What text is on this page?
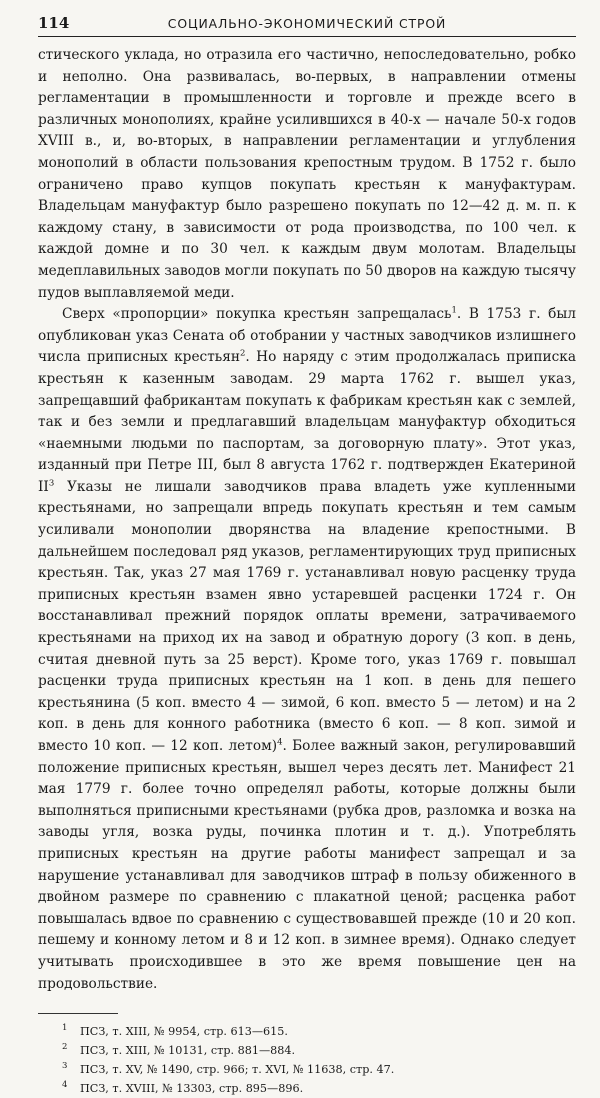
114	СОЦИАЛЬНО-ЭКОНОМИЧЕСКИЙ СТРОЙ

стического уклада, но отразила его частично, непоследовательно, робко и неполно. Она развивалась, во-первых, в направлении отмены регламентации в промышленности и торговле и прежде всего в различных монополиях, крайне усилившихся в 40-х — начале 50-х годов XVIII в., и, во-вторых, в направлении регламентации и углубления монополий в области пользования крепостным трудом. В 1752 г. было ограничено право купцов покупать крестьян к мануфактурам. Владельцам мануфактур было разрешено покупать по 12—42 д. м. п. к каждому стану, в зависимости от рода производства, по 100 чел. к каждой домне и по 30 чел. к каждым двум молотам. Владельцы медеплавильных заводов могли покупать по 50 дворов на каждую тысячу пудов выплавляемой меди.

Сверх «пропорции» покупка крестьян запрещалась$^1$. В 1753 г. был опубликован указ Сената об отобрании у частных заводчиков излишнего числа приписных крестьян$^2$. Но наряду с этим продолжалась приписка крестьян к казенным заводам. 29 марта 1762 г. вышел указ, запрещавший фабрикантам покупать к фабрикам крестьян как с землей, так и без земли и предлагавший владельцам мануфактур обходиться «наемными людьми по паспортам, за договорную плату». Этот указ, изданный при Петре III, был 8 августа 1762 г. подтвержден Екатериной $II^3$ Указы не лишали заводчиков права владеть уже купленными крестьянами, но запрещали впредь покупать крестьян и тем самым усиливали монополии дворянства на владение крепостными. В дальнейшем последовал ряд указов, регламентирующих труд приписных крестьян. Так, указ 27 мая 1769 г. устанавливал новую расценку труда приписных крестьян взамен явно устаревшей расценки 1724 г. Он восстанавливал прежний порядок оплаты времени, затрачиваемого крестьянами на приход их на завод и обратную дорогу (3 коп. в день, считая дневной путь за 25 верст). Кроме того, указ 1769 г. повышал расценки труда приписных крестьян на 1 коп. в день для пешего крестьянина (5 коп. вместо 4 — зимой, 6 коп. вместо 5 — летом) и на 2 коп. в день для конного работника (вместо 6 коп. — 8 коп. зимой и вместо 10 коп. — 12 коп. летом)$^4$. Более важный закон, регулировавший положение приписных крестьян, вышел через десять лет. Манифест 21 мая 1779 г. более точно определял работы, которые должны были выполняться приписными крестьянами (рубка дров, разломка и возка на заводы угля, возка руды, починка плотин и т. д.). Употреблять приписных крестьян на другие работы манифест запрещал и за нарушение устанавливал для заводчиков штраф в пользу обиженного в двойном размере по сравнению с плакатной ценой; расценка работ повышалась вдвое по сравнению с существовавшей прежде (10 и 20 коп. пешему и конному летом и 8 и 12 коп. в зимнее время). Однако следует учитывать происходившее в это же время повышение цен на продовольствие.

$^1$ ПСЗ, т. XIII, № 9954, стр. 613—615.
$^2$ ПСЗ, т. XIII, № 10131, стр. 881—884.
$^3$ ПСЗ, т. XV, № 1490, стр. 966; т. XVI, № 11638, стр. 47.
$^4$ ПСЗ, т. XVIII, № 13303, стр. 895—896.
